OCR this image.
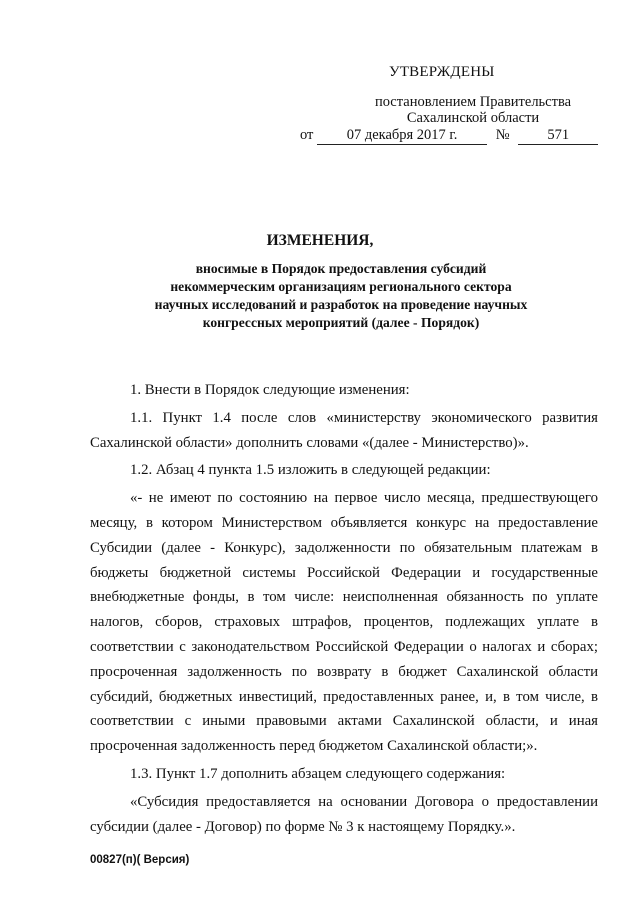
УТВЕРЖДЕНЫ
постановлением Правительства
Сахалинской области
от 07 декабря 2017 г.	№	571
ИЗМЕНЕНИЯ,
вносимые в Порядок предоставления субсидий некоммерческим организациям регионального сектора научных исследований и разработок на проведение научных конгрессных мероприятий (далее - Порядок)

1. Внести в Порядок следующие изменения:

1.1. Пункт 1.4 после слов «министерству экономического развития Сахалинской области» дополнить словами «(далее - Министерство)».

1.2. Абзац 4 пункта 1.5 изложить в следующей редакции:

«- не имеют по состоянию на первое число месяца, предшествующего месяцу, в котором Министерством объявляется конкурс на предоставление Субсидии (далее - Конкурс), задолженности по обязательным платежам в бюджеты бюджетной системы Российской Федерации и государственные внебюджетные фонды, в том числе: неисполненная обязанность по уплате налогов, сборов, страховых штрафов, процентов, подлежащих уплате в соответствии с законодательством Российской Федерации о налогах и сборах; просроченная задолженность по возврату в бюджет Сахалинской области субсидий, бюджетных инвестиций, предоставленных ранее, и, в том числе, в соответствии с иными правовыми актами Сахалинской области, и иная просроченная задолженность перед бюджетом Сахалинской области;».

1.3. Пункт 1.7 дополнить абзацем следующего содержания:

«Субсидия предоставляется на основании Договора о предоставлении субсидии (далее - Договор) по форме № 3 к настоящему Порядку.».

00827(п)( Версия)
